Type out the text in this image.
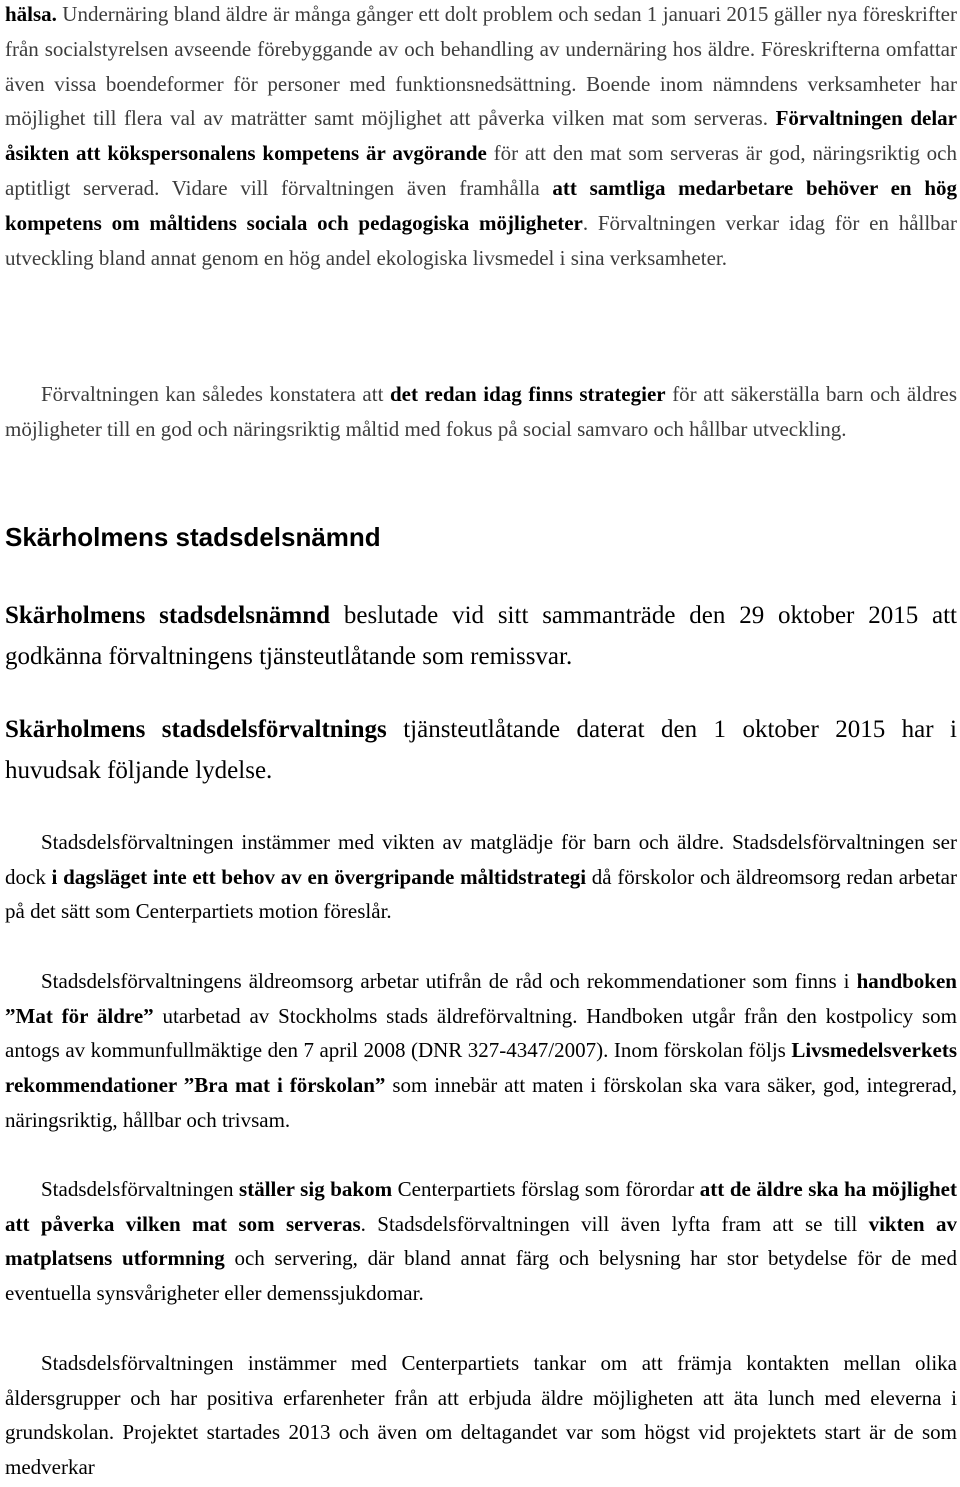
hälsa. Undernäring bland äldre är många gånger ett dolt problem och sedan 1 januari 2015 gäller nya föreskrifter från socialstyrelsen avseende förebyggande av och behandling av undernäring hos äldre. Föreskrifterna omfattar även vissa boendeformer för personer med funktionsnedsättning. Boende inom nämndens verksamheter har möjlighet till flera val av maträtter samt möjlighet att påverka vilken mat som serveras. Förvaltningen delar åsikten att kökspersonalens kompetens är avgörande för att den mat som serveras är god, näringsriktig och aptitligt serverad. Vidare vill förvaltningen även framhålla att samtliga medarbetare behöver en hög kompetens om måltidens sociala och pedagogiska möjligheter. Förvaltningen verkar idag för en hållbar utveckling bland annat genom en hög andel ekologiska livsmedel i sina verksamheter.

Förvaltningen kan således konstatera att det redan idag finns strategier för att säkerställa barn och äldres möjligheter till en god och näringsriktig måltid med fokus på social samvaro och hållbar utveckling.

Skärholmens stadsdelsnämnd

Skärholmens stadsdelsnämnd beslutade vid sitt sammanträde den 29 oktober 2015 att godkänna förvaltningens tjänsteutlåtande som remissvar.

Skärholmens stadsdelsförvaltnings tjänsteutlåtande daterat den 1 oktober 2015 har i huvudsak följande lydelse.

Stadsdelsförvaltningen instämmer med vikten av matglädje för barn och äldre. Stadsdelsförvaltningen ser dock i dagsläget inte ett behov av en övergripande måltidstrategi då förskolor och äldreomsorg redan arbetar på det sätt som Centerpartiets motion föreslår.

Stadsdelsförvaltningens äldreomsorg arbetar utifrån de råd och rekommendationer som finns i handboken ”Mat för äldre” utarbetad av Stockholms stads äldreförvaltning. Handboken utgår från den kostpolicy som antogs av kommunfullmäktige den 7 april 2008 (DNR 327-4347/2007). Inom förskolan följs Livsmedelsverkets rekommendationer ”Bra mat i förskolan” som innebär att maten i förskolan ska vara säker, god, integrerad, näringsriktig, hållbar och trivsam.

Stadsdelsförvaltningen ställer sig bakom Centerpartiets förslag som förordar att de äldre ska ha möjlighet att påverka vilken mat som serveras. Stadsdelsförvaltningen vill även lyfta fram att se till vikten av matplatsens utformning och servering, där bland annat färg och belysning har stor betydelse för de med eventuella synsvårigheter eller demenssjukdomar.

Stadsdelsförvaltningen instämmer med Centerpartiets tankar om att främja kontakten mellan olika åldersgrupper och har positiva erfarenheter från att erbjuda äldre möjligheten att äta lunch med eleverna i grundskolan. Projektet startades 2013 och även om deltagandet var som högst vid projektets start är de som medverkar
